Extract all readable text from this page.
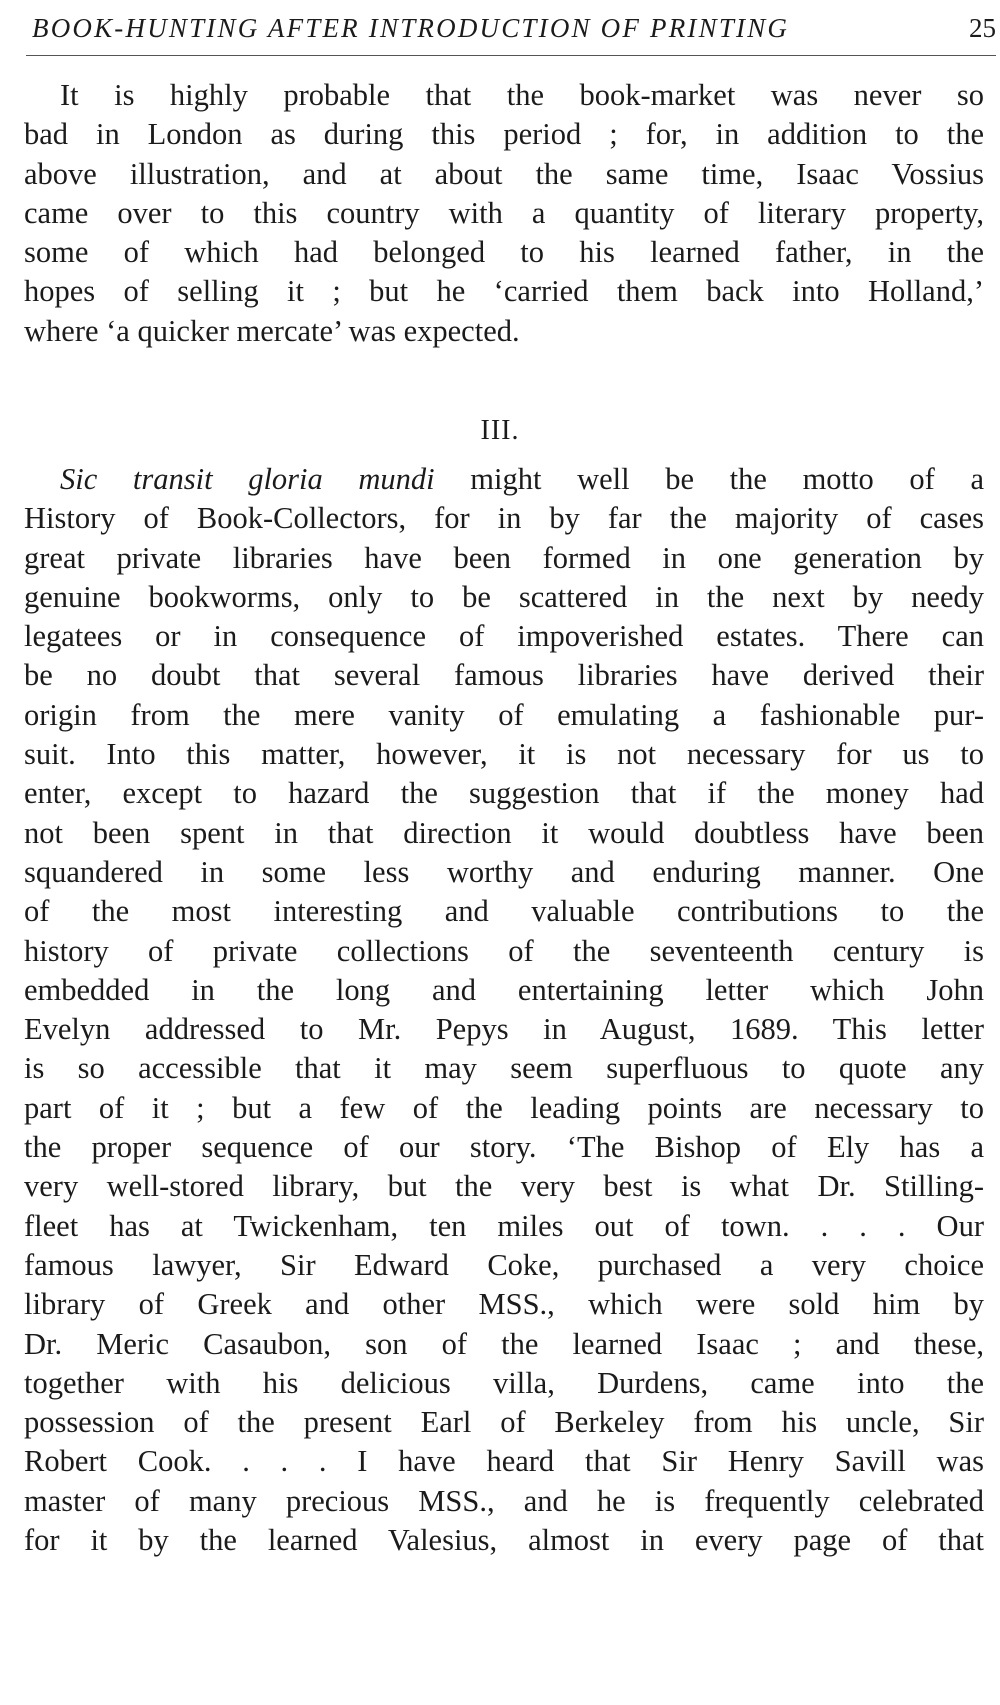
BOOK-HUNTING AFTER INTRODUCTION OF PRINTING	25
It is highly probable that the book-market was never so
bad in London as during this period ; for, in addition to the
above illustration, and at about the same time, Isaac Vossius
came over to this country with a quantity of literary property,
some of which had belonged to his learned father, in the
hopes of selling it ; but he ‘carried them back into Holland,’
where ‘a quicker mercate’ was expected.
III.
Sic transit gloria mundi might well be the motto of a
History of Book-Collectors, for in by far the majority of cases
great private libraries have been formed in one generation by
genuine bookworms, only to be scattered in the next by needy
legatees or in consequence of impoverished estates. There can
be no doubt that several famous libraries have derived their
origin from the mere vanity of emulating a fashionable pur-
suit. Into this matter, however, it is not necessary for us to
enter, except to hazard the suggestion that if the money had
not been spent in that direction it would doubtless have been
squandered in some less worthy and enduring manner. One
of the most interesting and valuable contributions to the
history of private collections of the seventeenth century is
embedded in the long and entertaining letter which John
Evelyn addressed to Mr. Pepys in August, 1689. This letter
is so accessible that it may seem superfluous to quote any
part of it ; but a few of the leading points are necessary to
the proper sequence of our story. ‘The Bishop of Ely has a
very well-stored library, but the very best is what Dr. Stilling-
fleet has at Twickenham, ten miles out of town. . . . Our
famous lawyer, Sir Edward Coke, purchased a very choice
library of Greek and other MSS., which were sold him by
Dr. Meric Casaubon, son of the learned Isaac ; and these,
together with his delicious villa, Durdens, came into the
possession of the present Earl of Berkeley from his uncle, Sir
Robert Cook. . . . I have heard that Sir Henry Savill was
master of many precious MSS., and he is frequently celebrated
for it by the learned Valesius, almost in every page of that
